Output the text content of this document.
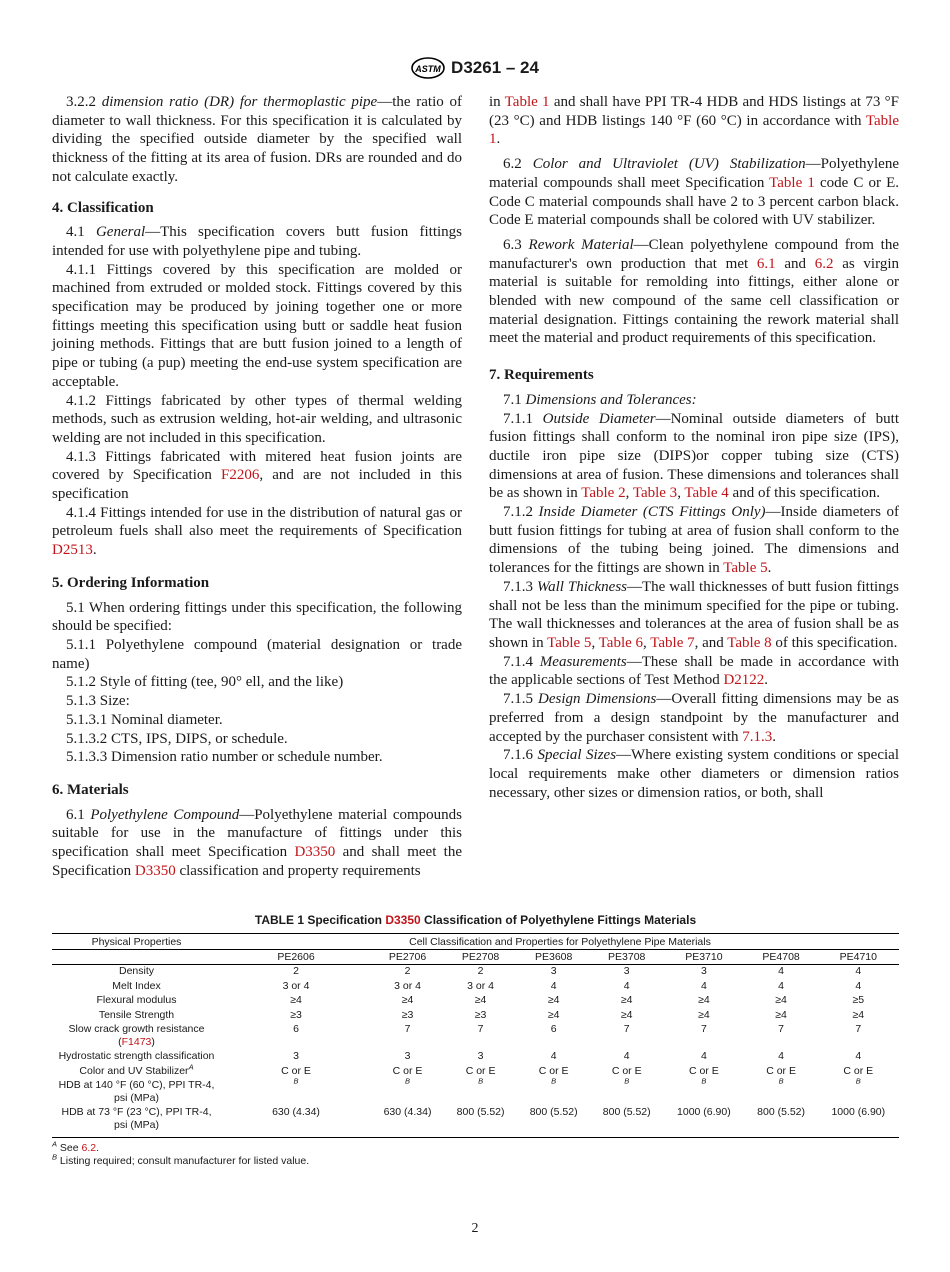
ASTM D3261 – 24

3.2.2 dimension ratio (DR) for thermoplastic pipe—the ratio of diameter to wall thickness. For this specification it is calculated by dividing the specified outside diameter by the specified wall thickness of the fitting at its area of fusion. DRs are rounded and do not calculate exactly.

4. Classification

4.1 General—This specification covers butt fusion fittings intended for use with polyethylene pipe and tubing.

4.1.1 Fittings covered by this specification are molded or machined from extruded or molded stock. Fittings covered by this specification may be produced by joining together one or more fittings meeting this specification using butt or saddle heat fusion joining methods. Fittings that are butt fusion joined to a length of pipe or tubing (a pup) meeting the end-use system specification are acceptable.

4.1.2 Fittings fabricated by other types of thermal welding methods, such as extrusion welding, hot-air welding, and ultrasonic welding are not included in this specification.

4.1.3 Fittings fabricated with mitered heat fusion joints are covered by Specification F2206, and are not included in this specification

4.1.4 Fittings intended for use in the distribution of natural gas or petroleum fuels shall also meet the requirements of Specification D2513.

5. Ordering Information

5.1 When ordering fittings under this specification, the following should be specified:

5.1.1 Polyethylene compound (material designation or trade name)

5.1.2 Style of fitting (tee, 90° ell, and the like)

5.1.3 Size:

5.1.3.1 Nominal diameter.

5.1.3.2 CTS, IPS, DIPS, or schedule.

5.1.3.3 Dimension ratio number or schedule number.

6. Materials

6.1 Polyethylene Compound—Polyethylene material compounds suitable for use in the manufacture of fittings under this specification shall meet Specification D3350 and shall meet the Specification D3350 classification and property requirements

in Table 1 and shall have PPI TR-4 HDB and HDS listings at 73 °F (23 °C) and HDB listings 140 °F (60 °C) in accordance with Table 1.

6.2 Color and Ultraviolet (UV) Stabilization—Polyethylene material compounds shall meet Specification Table 1 code C or E. Code C material compounds shall have 2 to 3 percent carbon black. Code E material compounds shall be colored with UV stabilizer.

6.3 Rework Material—Clean polyethylene compound from the manufacturer's own production that met 6.1 and 6.2 as virgin material is suitable for remolding into fittings, either alone or blended with new compound of the same cell classification or material designation. Fittings containing the rework material shall meet the material and product requirements of this specification.

7. Requirements

7.1 Dimensions and Tolerances:

7.1.1 Outside Diameter—Nominal outside diameters of butt fusion fittings shall conform to the nominal iron pipe size (IPS), ductile iron pipe size (DIPS)or copper tubing size (CTS) dimensions at area of fusion. These dimensions and tolerances shall be as shown in Table 2, Table 3, Table 4 and of this specification.

7.1.2 Inside Diameter (CTS Fittings Only)—Inside diameters of butt fusion fittings for tubing at area of fusion shall conform to the dimensions of the tubing being joined. The dimensions and tolerances for the fittings are shown in Table 5.

7.1.3 Wall Thickness—The wall thicknesses of butt fusion fittings shall not be less than the minimum specified for the pipe or tubing. The wall thicknesses and tolerances at the area of fusion shall be as shown in Table 5, Table 6, Table 7, and Table 8 of this specification.

7.1.4 Measurements—These shall be made in accordance with the applicable sections of Test Method D2122.

7.1.5 Design Dimensions—Overall fitting dimensions may be as preferred from a design standpoint by the manufacturer and accepted by the purchaser consistent with 7.1.3.

7.1.6 Special Sizes—Where existing system conditions or special local requirements make other diameters or dimension ratios necessary, other sizes or dimension ratios, or both, shall

TABLE 1 Specification D3350 Classification of Polyethylene Fittings Materials
Physical Properties	Cell Classification and Properties for Polyethylene Pipe Materials							
	PE2606	PE2706	PE2708	PE3608	PE3708	PE3710	PE4708	PE4710
Density	2	2	2	3	3	3	4	4
Melt Index	3 or 4	3 or 4	3 or 4	4	4	4	4	4
Flexural modulus	≥4	≥4	≥4	≥4	≥4	≥4	≥4	≥5
Tensile Strength	≥3	≥3	≥3	≥4	≥4	≥4	≥4	≥4
Slow crack growth resistance (F1473)	6	7	7	6	7	7	7	7
Hydrostatic strength classification	3	3	3	4	4	4	4	4
Color and UV Stabilizer$^A$	C or E	C or E	C or E	C or E	C or E	C or E	C or E	C or E
HDB at 140 °F (60 °C), PPI TR-4, psi (MPa)	$^B$	$^B$	$^B$	$^B$	$^B$	$^B$	$^B$	$^B$
HDB at 73 °F (23 °C), PPI TR-4, psi (MPa)	630 (4.34)	630 (4.34)	800 (5.52)	800 (5.52)	800 (5.52)	1000 (6.90)	800 (5.52)	1000 (6.90)
$^A$ See 6.2.
$^B$ Listing required; consult manufacturer for listed value.
2
